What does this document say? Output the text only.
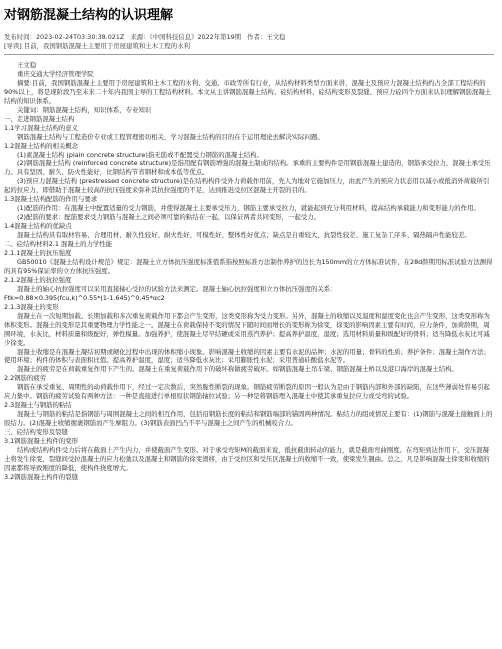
对钢筋混凝土结构的认识理解
发布时间：2023-02-24T03:30:38.021Z 来源：《中国科技信息》2022年第19期 作者：王文稳
[导读] 目前，我国钢筋混凝土主要用于房屋建筑和土木工程的水利

王文稳

重庆交通大学经济管理学院

摘要:目前，我国钢筋混凝土主要用于房屋建筑和土木工程的水利、交通、市政等所有行业，从结构材料类型方面来讲，混凝土及预应力混凝土结构约占全部工程结构的90%以上，将是现阶段乃至未来二十年内我国主导的工程结构材料。本文从主讲钢筋混凝土结构、砼结构材料、砼结构变形及裂缝、预应力砼四个方面来认识理解钢筋混凝土结构的知识体系。

关键词：钢筋混凝土结构，知识体系，专业知识

一、走进钢筋混凝土结构

1.1学习混凝土结构的意义

钢筋混凝土结构与工程造价专业或工程管理密切相关，学习混凝土结构的目的在于运用理论去解决实际问题。

1.2混凝土结构的相关概念

(1)素混凝土结构 (plain concrete structure)指无筋或不配置受力钢筋的混凝土结构。

(2)钢筋混凝土结构 (reinforced concrete structure)是指用配有钢筋增强的混凝土制成的结构。承重的主要构件是用钢筋混凝土建造的，钢筋承受拉力，混凝土承受压力。具有坚固、耐久、防火性能好，比钢结构节省钢材和成本低等优点。

(3)预应力混凝土结构 (prestressed concrete structure)是在结构构件受外力荷载作用前，先人为地对它施加压力，由此产生的预应力状态用以减小或抵消外荷载所引起的拉应力，即借助于混凝土较高的抗压强度来弥补其抗拉强度的不足，达到推迟受拉区混凝土开裂的目的。

1.3混凝土结构配筋的作用与要求

(1)配筋的作用：在混凝土中配置适量的受力钢筋，并使得混凝土主要承受压力，钢筋主要承受拉力，就能起到充分利用材料，提高结构承载能力和变形能力的作用。

(2)配筋的要求：配筋要求受力钢筋与混凝土之间必须可靠的粘结在一起，以保证两者共同变形，一起受力。

1.4混凝土结构的优缺点

混凝土结构具有取材容易、合理用材、耐久性较好、耐火性好、可模性好、整体性好优点；缺点是自重较大、抗裂性较差、施工复杂工序多、隔热隔声性能较差。

二、砼结构材料2.1 混凝土的力学性能

2.1.1混凝土的抗压强度

GB50010《混凝土结构设计规范》规定：混凝土立方体抗压强度标准值系指按照标准方法制作养护的边长为150mm的立方体标准试件，在28d龄期用标准试验方法测得的具有95%保证率的立方体抗压强度。

2.1.2混凝土的抗拉强度

混凝土的轴心抗拉强度可以采用直接轴心受拉的试验方法来测定。混凝土轴心抗拉强度和立方体抗压强度的关系：

Ftk=0.88×0.395(fcu,k)^0.55*(1-1.645)^0.45*αc2

2.1.3混凝土的变形

混凝土在一次短期加载、长期加载和多次重复荷载作用下都会产生变形，这类变形称为受力变形。另外，混凝土的收缩以及温度和湿度变化也会产生变形，这类变形称为体积变形。混凝土的变形是其重要物理力学性能之一。混凝土在荷载保持不变的情况下随时间而增长的变形称为徐变，徐变的影响因素主要有时间，应力条件，加荷龄期，周围环境，水灰比，材料质量和级配好，弹性模量。加强养护，使混凝土尽早结硬或采用蒸汽养护；提高养护温度，湿度；选用材料质量和级配好的骨料；适当降低水灰比可减少徐变。

混凝土收缩是在混凝土凝结初期或硬化过程中出现的体积缩小现象。影响混凝土收缩的因素主要有水泥的品种；水泥的用量；骨料的性质；养护条件；混凝土制作方法；使用环境；构件的体积与表面积比值。提高养护温度，湿度；适当降低水灰比；采用膨胀性水泥；采用普通硅酸盐水泥等。

混凝土的疲劳是在荷载重复作用下产生的。混凝土在重复荷载作用下的破坏称做疲劳破坏。如钢筋混凝土吊车梁、钢筋混凝土桥以及港口海岸的混凝土结构。

2.2钢筋的疲劳

钢筋在承受重复、周期性的动荷载作用下，经过一定次数后，突然脆性断裂的现象。钢筋疲劳断裂的原因一般认为是由于钢筋内部和外部的缺陷，在这些薄弱处容易引起应力集中。钢筋的疲劳试验有两种方法：一种是直接进行单根原状钢筋轴拉试验；另一种是将钢筋埋入混凝土中使其承重复拉应力或受弯的试验。

2.3混凝土与钢筋的粘结

混凝土与钢筋的粘结是指钢筋与周围混凝土之间的相互作用，包括沿钢筋长度的粘结和钢筋端部的锚固两种情况。粘结力的组成情况主要有：(1)钢筋与混凝土接触面上的胶结力。(2)混凝土收缩握裹钢筋而产生摩阻力。(3)钢筋表面凹凸不平与混凝土之间产生的机械咬合力。

三、砼结构变形及裂缝

3.1钢筋混凝土构件的变形

结构或结构构件受力后将在截面上产生内力，并使截面产生变形。对于承受弯矩M的截面来说，抵抗截面转动的能力，就是截面弯曲刚度。在弯矩到达作用下，受压混凝土将发生徐变，裂缝间受拉混凝土的应力松弛以及混凝土和钢筋的徐变滑移，由于受拉区和受压区混凝土的收缩不一致，使梁发生翘曲。总之，凡是影响混凝土徐变和收缩的因素都将导致刚度的降低，使构件挠度增大。

3.2钢筋混凝土构件的裂缝
